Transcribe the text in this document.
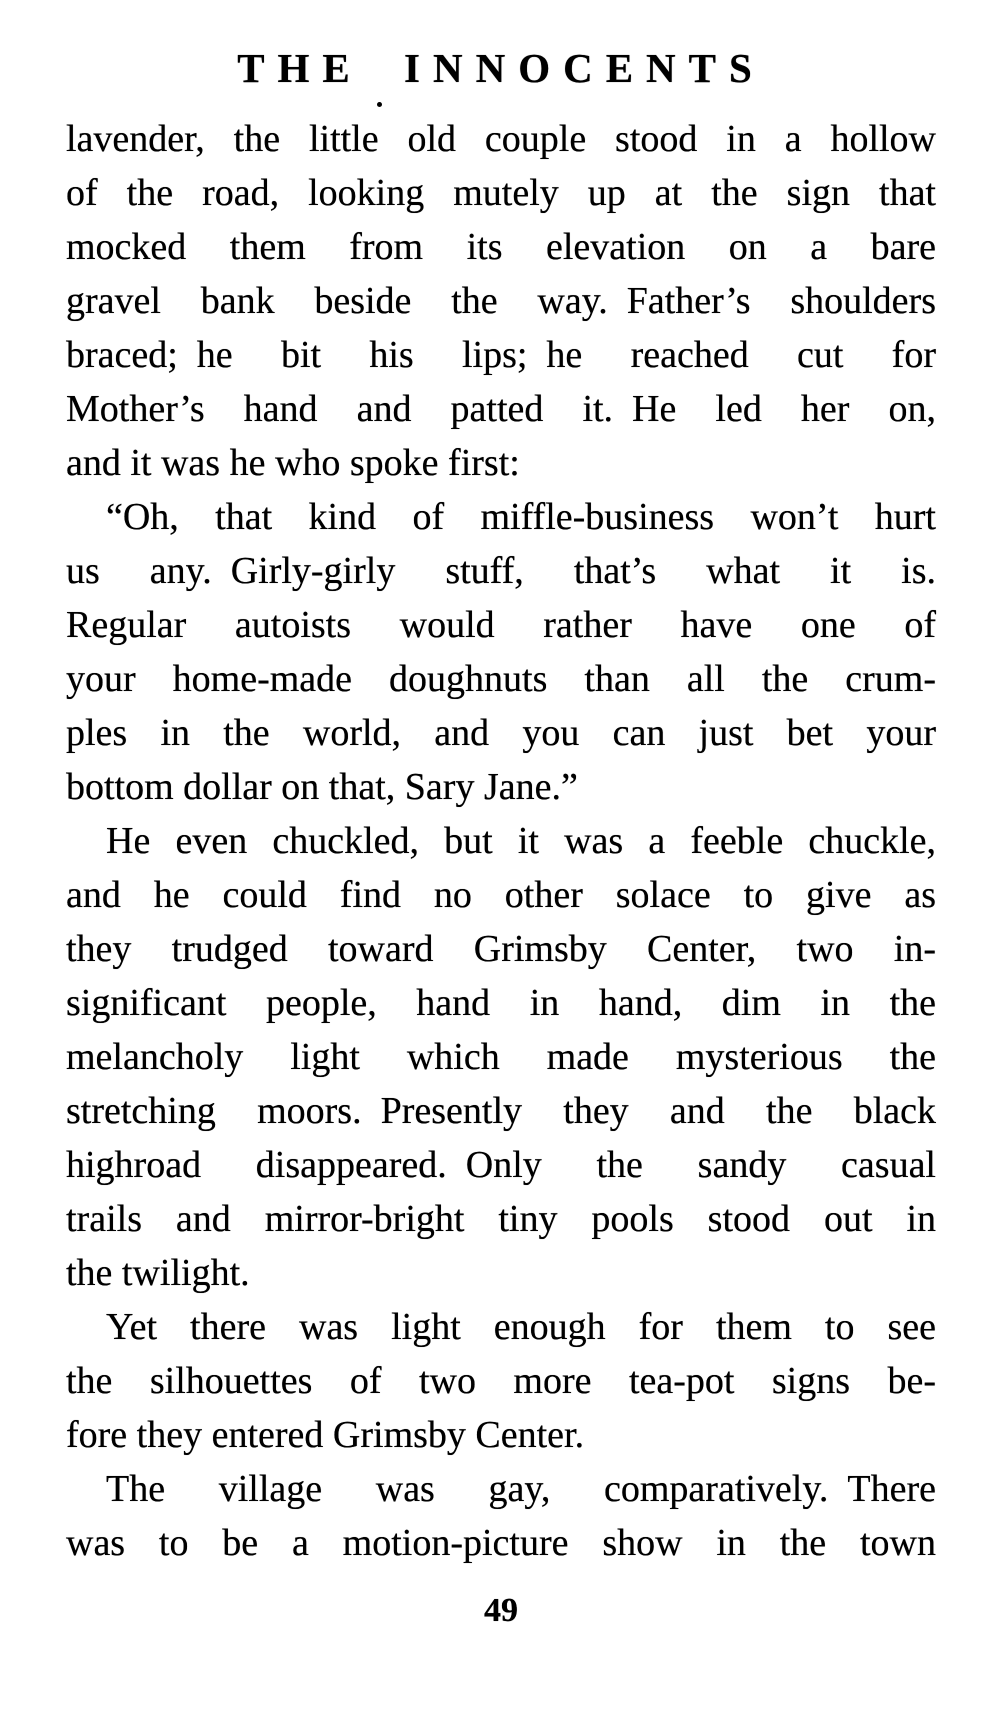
THE INNOCENTS
lavender, the little old couple stood in a hollow
of the road, looking mutely up at the sign that
mocked them from its elevation on a bare
gravel bank beside the way. Father’s shoulders
braced; he bit his lips; he reached cut for
Mother’s hand and patted it. He led her on,
and it was he who spoke first:
“Oh, that kind of miffle-business won’t hurt
us any. Girly-girly stuff, that’s what it is.
Regular autoists would rather have one of
your home-made doughnuts than all the crum-
ples in the world, and you can just bet your
bottom dollar on that, Sary Jane.”
He even chuckled, but it was a feeble chuckle,
and he could find no other solace to give as
they trudged toward Grimsby Center, two in-
significant people, hand in hand, dim in the
melancholy light which made mysterious the
stretching moors. Presently they and the black
highroad disappeared. Only the sandy casual
trails and mirror-bright tiny pools stood out in
the twilight.
Yet there was light enough for them to see
the silhouettes of two more tea-pot signs be-
fore they entered Grimsby Center.
The village was gay, comparatively. There
was to be a motion-picture show in the town
49
